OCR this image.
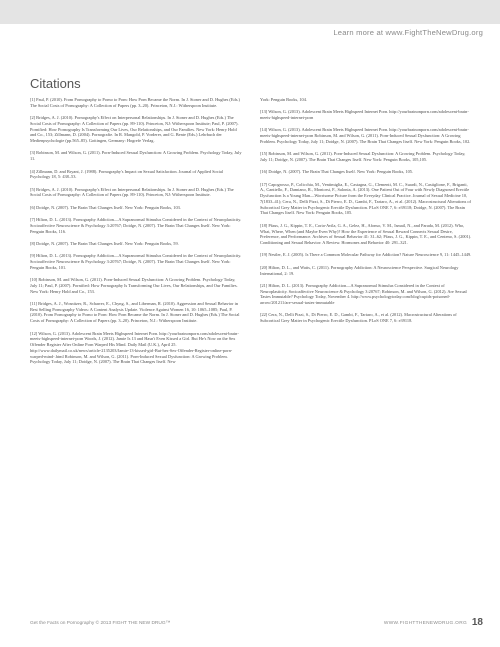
Learn more at www.FightTheNewDrug.org
Citations

[1] Paul, P. (2010). From Pornography to Porno to Porn: How Porn Became the Norm. In J. Stoner and D. Hughes (Eds.) The Social Costs of Pornography: A Collection of Papers (pp. 3–20). Princeton, N.J.: Witherspoon Institute.

[2] Bridges, A. J. (2010). Pornography's Effect on Interpersonal Relationships. In J. Stoner and D. Hughes (Eds.) The Social Costs of Pornography: A Collection of Papers (pp. 89-110). Princeton, NJ: Witherspoon Institute; Paul, P. (2007). Pornified: How Pornography Is Transforming Our Lives, Our Relationships, and Our Families. New York: Henry Hold and Co., 153; Zillmann, D. (2004). Pornografie. In R. Mangold, P. Vorderer, and G. Bente (Eds.) Lehrbuch der Medienpsychologie (pp.565–85). Gottingen, Germany: Hogrefe Verlag.

[3] Robinson, M. and Wilson, G. (2011). Porn-Induced Sexual Dysfunction: A Growing Problem. Psychology Today, July 11.

[4] Zillmann, D. and Bryant, J. (1988). Pornography's Impact on Sexual Satisfaction. Journal of Applied Social Psychology 18, 5: 438–53.

[5] Bridges, A. J. (2010). Pornography's Effect on Interpersonal Relationships. In J. Stoner and D. Hughes (Eds.) The Social Costs of Pornography: A Collection of Papers (pp. 89-110). Princeton, NJ: Witherspoon Institute.

[6] Doidge, N. (2007). The Brain That Changes Itself. New York: Penguin Books, 103.

[7] Hilton, D. L. (2013). Pornography Addiction—A Supranormal Stimulus Considered in the Context of Neuroplasticity. Socioaffective Neuroscience & Psychology 3:20767; Doidge, N. (2007). The Brain That Changes Itself. New York: Penguin Books, 116.

[8] Doidge, N. (2007). The Brain That Changes Itself. New York: Penguin Books, 59.

[9] Hilton, D. L. (2013). Pornography Addiction—A Supranormal Stimulus Considered in the Context of Neuroplasticity. Socioaffective Neuroscience & Psychology 3:20767; Doidge, N. (2007). The Brain That Changes Itself. New York: Penguin Books, 101.

[10] Robinson, M. and Wilson, G. (2011). Porn-Induced Sexual Dysfunction: A Growing Problem. Psychology Today, July 11; Paul, P. (2007). Pornified: How Pornography Is Transforming Our Lives, Our Relationships, and Our Families. New York: Henry Hold and Co., 153.

[11] Bridges, A. J., Wosnitzer, R., Scharrer, E., Chyng, S., and Liberman, R. (2010). Aggression and Sexual Behavior in Best Selling Pornography Videos: A Content Analysis Update. Violence Against Women 16, 10: 1065–1085; Paul, P. (2010). From Pornography to Porno to Porn: How Porn Became the Norm. In J. Stoner and D. Hughes (Eds.) The Social Costs of Pornography: A Collection of Papers (pp. 3–20). Princeton, N.J.: Witherspoon Institute.

[12] Wilson, G. (2013). Adolescent Brain Meets Highspeed Internet Porn. http://yourbrainonporn.com/adolescent-brain-meets-highspeed-internet-porn Woods, J. (2012). Jamie Is 13 and Hasn't Even Kissed a Girl. But He's Now on the Sex Offender Register After Online Porn Warped His Mind. Daily Mail (U.K.), April 25. http://www.dailymail.co.uk/news/article-2135203/Jamie-13-kissed-girl-But-hes-Sex-Offender-Register-online-porn-warped-mind-.html Robinson, M. and Wilson, G. (2011). Porn-Induced Sexual Dysfunction: A Growing Problem. Psychology Today, July 11; Doidge, N. (2007). The Brain That Changes Itself. New

York: Penguin Books, 104.

[13] Wilson, G. (2013). Adolescent Brain Meets Highspeed Internet Porn. http://yourbrainonporn.com/adolescent-brain-meets-highspeed-internet-porn

[14] Wilson, G. (2013). Adolescent Brain Meets Highspeed Internet Porn. http://yourbrainonporn.com/adolescent-brain-meets-highspeed-internet-porn Robinson, M. and Wilson, G. (2011). Porn-Induced Sexual Dysfunction: A Growing Problem. Psychology Today, July 11; Doidge, N. (2007). The Brain That Changes Itself. New York: Penguin Books, 102.

[15] Robinson, M. and Wilson, G. (2011). Porn-Induced Sexual Dysfunction: A Growing Problem. Psychology Today, July 11; Doidge, N. (2007). The Brain That Changes Itself. New York: Penguin Books, 105,105.

[16] Doidge, N. (2007). The Brain That Changes Itself. New York: Penguin Books, 105.

[17] Capogrosso, P., Colicchia, M., Ventimiglia, E., Castagna, G., Clementi, M. C., Suardi, N., Castiglione, F., Briganti, A., Cantiello, F., Damiano, R., Montorsi, F., Salonia, A. (2013). One Patient Out of Four with Newly Diagnosed Erectile Dysfunction Is a Young Man—Worrisome Picture from the Everyday Clinical Practice. Journal of Sexual Medicine 10, 7(1833–41); Cera, N., Delli Pizzi, S., Di Pierro, E. D., Gambi, F., Tartaro, A., et al. (2012). Macrostructural Alterations of Subcortical Grey Matter in Psychogenic Erectile Dysfunction. PLoS ONE 7, 6: e39118; Doidge, N. (2007). The Brain That Changes Itself. New York: Penguin Books, 105.

[18] Pfaus, J. G., Kippin, T. E., Coria-Avila, G. A., Gelez, H., Afonso, V. M., Ismail, N., and Parada, M. (2012). Who, What, Where, When (and Maybe Even Why)? How the Experience of Sexual Reward Connects Sexual Desire, Preference, and Performance. Archives of Sexual Behavior 41: 31–62; Pfaus, J. G., Kippin, T. E., and Centeno, S. (2001). Conditioning and Sexual Behavior: A Review. Hormones and Behavior 40: 291–321.

[19] Nestler, E. J. (2005). Is There a Common Molecular Pathway for Addiction? Nature Neuroscience 9, 11: 1445–1449.

[20] Hilton, D. L., and Watts, C. (2011). Pornography Addiction: A Neuroscience Perspective. Surgical Neurology International, 2: 19.

[21] Hilton, D. L. (2013). Pornography Addiction—A Supranormal Stimulus Considered in the Context of Neuroplasticity. Socioaffective Neuroscience & Psychology 3:20767; Robinson, M. and Wilson, G. (2012). Are Sexual Tastes Immutable? Psychology Today, November 4. http://www.psychologytoday.com/blog/cupids-poisoned-arrow/201211/are-sexual-tastes-immutable

[22] Cera, N., Delli Pizzi, S., Di Pierro, E. D., Gambi, F., Tartaro, A., et al. (2012). Macrostructural Alterations of Subcortical Grey Matter in Psychogenic Erectile Dysfunction. PLoS ONE 7, 6: e39118.

Get the Facts on Pornography © 2013 FIGHT THE NEW DRUG™	WWW.FIGHTTHENEWDRUG.ORG 18
